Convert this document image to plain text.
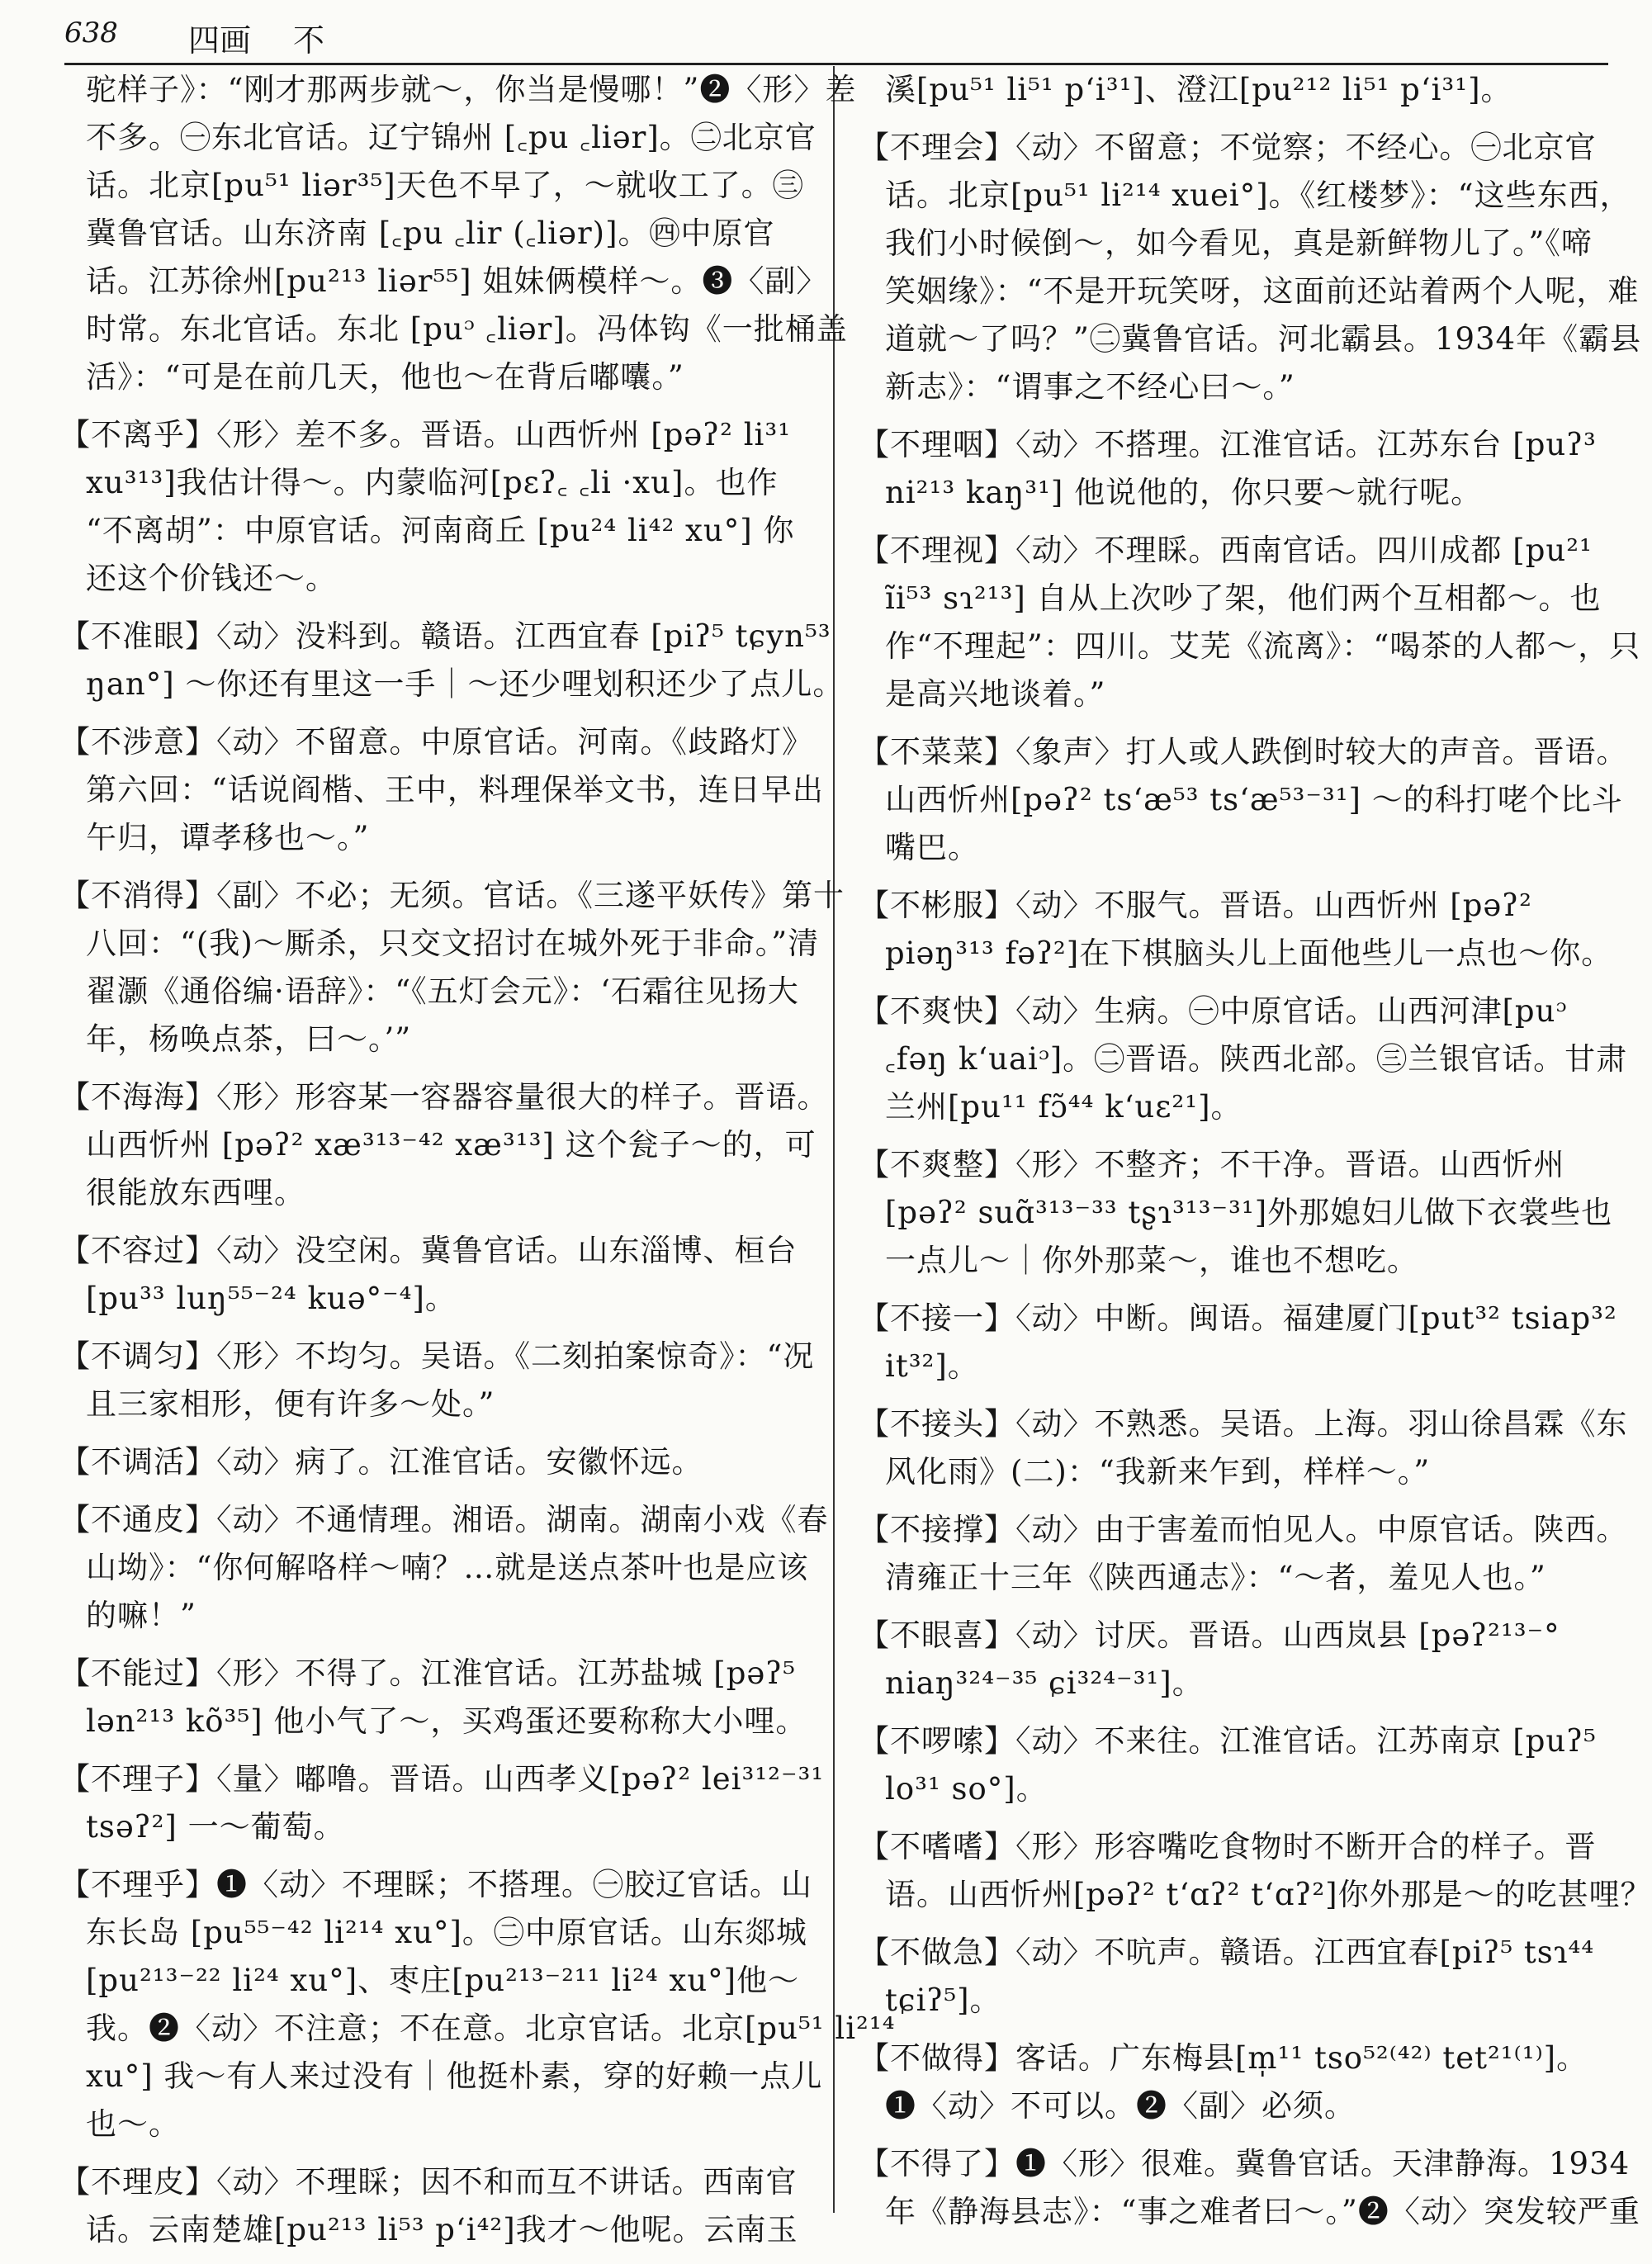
638 四画 不
驼样子》：“刚才那两步就～，你当是慢哪！”❷〈形〉差
不多。㊀东北官话。辽宁锦州 [꜀pu ꜀liər]。㊁北京官
话。北京[pu⁵¹ liər³⁵]天色不早了，～就收工了。㊂
冀鲁官话。山东济南 [꜀pu ꜀lir (꜀liər)]。㊃中原官
话。江苏徐州[pu²¹³ liər⁵⁵] 姐妹俩模样～。❸〈副〉
时常。东北官话。东北 [puᵓ ꜀liər]。冯体钩《一批桶盖
活》：“可是在前几天，他也～在背后嘟囔。”
【不离乎】〈形〉差不多。晋语。山西忻州 [pəʔ² li³¹
xu³¹³]我估计得～。内蒙临河[pεʔ꜀ ꜀li ·xu]。也作
“不离胡”：中原官话。河南商丘 [pu²⁴ li⁴² xu°] 你
还这个价钱还～。
【不准眼】〈动〉没料到。赣语。江西宜春 [piʔ⁵ tɕyn⁵³
ŋan°] ～你还有里这一手｜～还少哩划积还少了点儿。
【不涉意】〈动〉不留意。中原官话。河南。《歧路灯》
第六回：“话说阎楷、王中，料理保举文书，连日早出
午归，谭孝移也～。”
【不消得】〈副〉不必；无须。官话。《三遂平妖传》第十
八回：“(我)～厮杀，只交文招讨在城外死于非命。”清
翟灏《通俗编·语辞》：“《五灯会元》：‘石霜往见扬大
年，杨唤点茶，曰～。’”
【不海海】〈形〉形容某一容器容量很大的样子。晋语。
山西忻州 [pəʔ² xæ³¹³⁻⁴² xæ³¹³] 这个瓮子～的，可
很能放东西哩。
【不容过】〈动〉没空闲。冀鲁官话。山东淄博、桓台
[pu³³ luŋ⁵⁵⁻²⁴ kuə°⁻⁴]。
【不调匀】〈形〉不均匀。吴语。《二刻拍案惊奇》：“况
且三家相形，便有许多～处。”
【不调活】〈动〉病了。江淮官话。安徽怀远。
【不通皮】〈动〉不通情理。湘语。湖南。湖南小戏《春
山坳》：“你何解咯样～喃？…就是送点茶叶也是应该
的嘛！”
【不能过】〈形〉不得了。江淮官话。江苏盐城 [pəʔ⁵
lən²¹³ kõ³⁵] 他小气了～，买鸡蛋还要称称大小哩。
【不理子】〈量〉嘟噜。晋语。山西孝义[pəʔ² lei³¹²⁻³¹
tsəʔ²] 一～葡萄。
【不理乎】❶〈动〉不理睬；不搭理。㊀胶辽官话。山
东长岛 [pu⁵⁵⁻⁴² li²¹⁴ xu°]。㊁中原官话。山东郯城
[pu²¹³⁻²² li²⁴ xu°]、枣庄[pu²¹³⁻²¹¹ li²⁴ xu°]他～
我。❷〈动〉不注意；不在意。北京官话。北京[pu⁵¹ li²¹⁴
xu°] 我～有人来过没有｜他挺朴素，穿的好赖一点儿
也～。
【不理皮】〈动〉不理睬；因不和而互不讲话。西南官
话。云南楚雄[pu²¹³ li⁵³ p‘i⁴²]我才～他呢。云南玉
溪[pu⁵¹ li⁵¹ p‘i³¹]、澄江[pu²¹² li⁵¹ p‘i³¹]。
【不理会】〈动〉不留意；不觉察；不经心。㊀北京官
话。北京[pu⁵¹ li²¹⁴ xuei°]。《红楼梦》：“这些东西，
我们小时候倒～，如今看见，真是新鲜物儿了。”《啼
笑姻缘》：“不是开玩笑呀，这面前还站着两个人呢，难
道就～了吗？”㊁冀鲁官话。河北霸县。1934年《霸县
新志》：“谓事之不经心曰～。”
【不理咽】〈动〉不搭理。江淮官话。江苏东台 [puʔ³
ni²¹³ kaŋ³¹] 他说他的，你只要～就行呢。
【不理视】〈动〉不理睬。西南官话。四川成都 [pu²¹
ĩi⁵³ sɿ²¹³] 自从上次吵了架，他们两个互相都～。也
作“不理起”：四川。艾芜《流离》：“喝茶的人都～，只
是高兴地谈着。”
【不菜菜】〈象声〉打人或人跌倒时较大的声音。晋语。
山西忻州[pəʔ² ts‘æ⁵³ ts‘æ⁵³⁻³¹] ～的科打咾个比斗
嘴巴。
【不彬服】〈动〉不服气。晋语。山西忻州 [pəʔ²
piəŋ³¹³ fəʔ²]在下棋脑头儿上面他些儿一点也～你。
【不爽快】〈动〉生病。㊀中原官话。山西河津[puᵓ
꜀fəŋ k‘uaiᵓ]。㊁晋语。陕西北部。㊂兰银官话。甘肃
兰州[pu¹¹ fɔ̃⁴⁴ k‘uε²¹]。
【不爽整】〈形〉不整齐；不干净。晋语。山西忻州
[pəʔ² suɑ̃³¹³⁻³³ tʂɿ³¹³⁻³¹]外那媳妇儿做下衣裳些也
一点儿～｜你外那菜～，谁也不想吃。
【不接一】〈动〉中断。闽语。福建厦门[put³² tsiap³²
it³²]。
【不接头】〈动〉不熟悉。吴语。上海。羽山徐昌霖《东
风化雨》(二)：“我新来乍到，样样～。”
【不接撑】〈动〉由于害羞而怕见人。中原官话。陕西。
清雍正十三年《陕西通志》：“～者，羞见人也。”
【不眼喜】〈动〉讨厌。晋语。山西岚县 [pəʔ²¹³⁻°
niaŋ³²⁴⁻³⁵ ɕi³²⁴⁻³¹]。
【不啰嗦】〈动〉不来往。江淮官话。江苏南京 [puʔ⁵
lo³¹ so°]。
【不嗜嗜】〈形〉形容嘴吃食物时不断开合的样子。晋
语。山西忻州[pəʔ² t‘ɑʔ² t‘ɑʔ²]你外那是～的吃甚哩？
【不做急】〈动〉不吭声。赣语。江西宜春[piʔ⁵ tsɿ⁴⁴
tɕiʔ⁵]。
【不做得】客话。广东梅县[m̩¹¹ tso⁵²⁽⁴²⁾ tet²¹⁽¹⁾]。
❶〈动〉不可以。❷〈副〉必须。
【不得了】❶〈形〉很难。冀鲁官话。天津静海。1934
年《静海县志》：“事之难者曰～。”❷〈动〉突发较严重
